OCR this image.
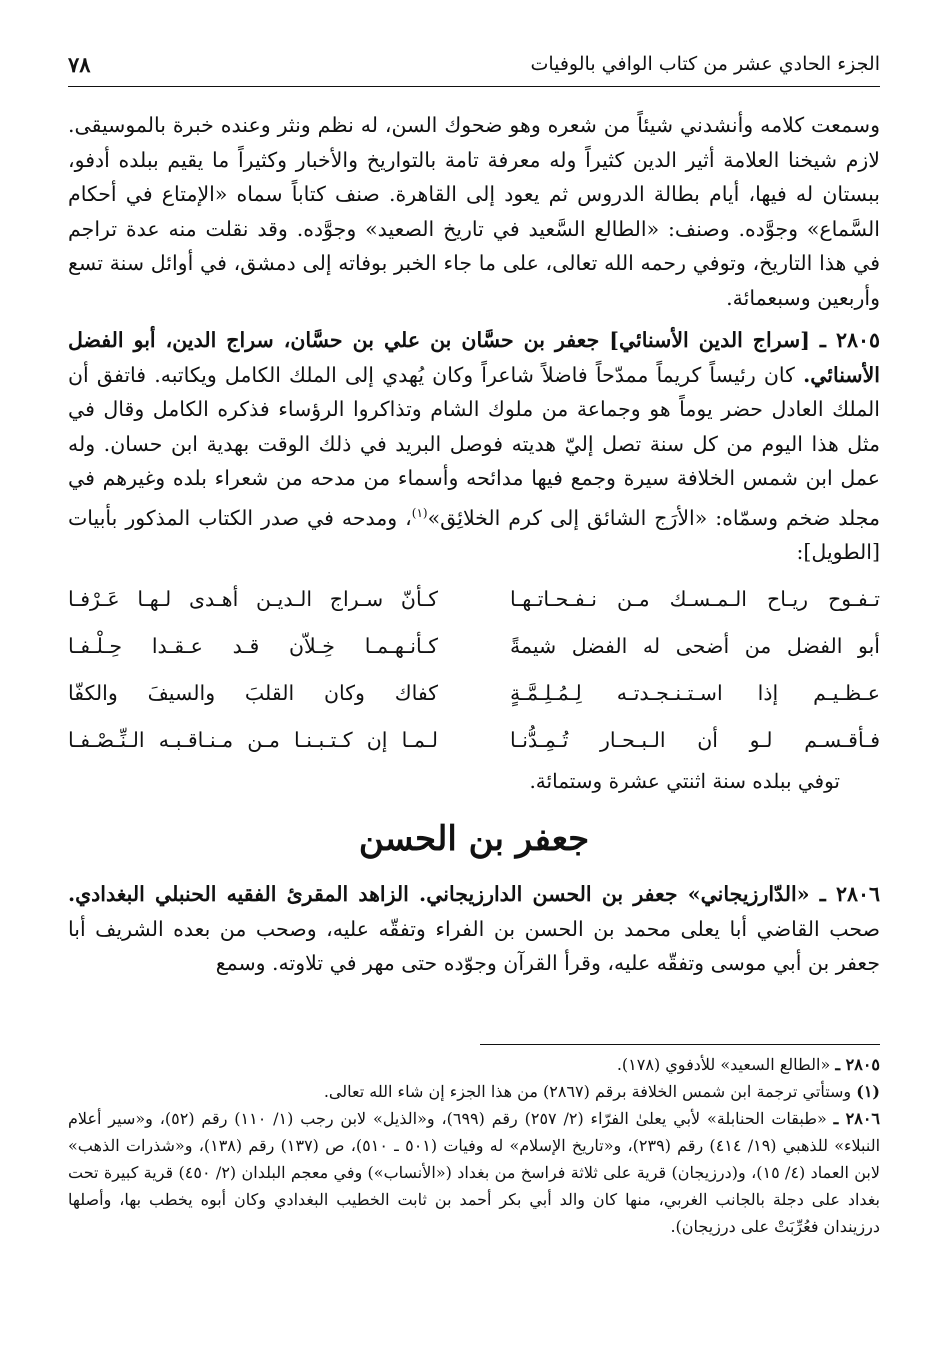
الجزء الحادي عشر من كتاب الوافي بالوفيات
٧٨

وسمعت كلامه وأنشدني شيئاً من شعره وهو ضحوك السن، له نظم ونثر وعنده خبرة بالموسيقى. لازم شيخنا العلامة أثير الدين كثيراً وله معرفة تامة بالتواريخ والأخبار وكثيراً ما يقيم ببلده أدفو، ببستان له فيها، أيام بطالة الدروس ثم يعود إلى القاهرة. صنف كتاباً سماه «الإمتاع في أحكام السَّماع» وجوَّده. وصنف: «الطالع السَّعيد في تاريخ الصعيد» وجوَّده. وقد نقلت منه عدة تراجم في هذا التاريخ، وتوفي رحمه الله تعالى، على ما جاء الخبر بوفاته إلى دمشق، في أوائل سنة تسع وأربعين وسبعمائة.

٢٨٠٥ ـ [سراج الدين الأسنائي] جعفر بن حسَّان بن علي بن حسَّان، سراج الدين، أبو الفضل الأسنائي. كان رئيساً كريماً ممدّحاً فاضلاً شاعراً وكان يُهدي إلى الملك الكامل ويكاتبه. فاتفق أن الملك العادل حضر يوماً هو وجماعة من ملوك الشام وتذاكروا الرؤساء فذكره الكامل وقال في مثل هذا اليوم من كل سنة تصل إليّ هديته فوصل البريد في ذلك الوقت بهدية ابن حسان. وله عمل ابن شمس الخلافة سيرة وجمع فيها مدائحه وأسماء من مدحه من شعراء بلده وغيرهم في مجلد ضخم وسمّاه: «الأرَج الشائق إلى كرم الخلائِق»$^{(١)}$، ومدحه في صدر الكتاب المذكور بأبيات [الطويل]:

تـفـوح ريـاح الـمـسـك مـن نـفـحـاتـهـا
كـأنّ سـراج الـديـن أهـدى لـهـا عَـرْفـا
أبو الفضل من أضحى له الفضل شيمةً
كـأنـهـمـا خِـلاّن قـد عـقـدا حِـلْـفـا
عـظـيـم إذا اسـتـنـجـدتـه لِـمُـلِـمَّـةٍ
كفاك وكان القلبَ والسيفَ والكفّا
فـأقـسـم لـو أن الـبـحـار تُـمِـدُّنـا
لـمـا إن كـتـبـنـا مـن مـنـاقـبـه الـنِّـصْـفـا
توفي ببلده سنة اثنتي عشرة وستمائة.
جعفر بن الحسن

٢٨٠٦ ـ «الدّارزيجاني» جعفر بن الحسن الدارزيجاني. الزاهد المقرئ الفقيه الحنبلي البغدادي. صحب القاضي أبا يعلى محمد بن الحسن بن الفراء وتفقّه عليه، وصحب من بعده الشريف أبا جعفر بن أبي موسى وتفقّه عليه، وقرأ القرآن وجوّده حتى مهر في تلاوته. وسمع

٢٨٠٥ ـ «الطالع السعيد» للأدفوي (١٧٨).

(١) وستأتي ترجمة ابن شمس الخلافة برقم (٢٨٦٧) من هذا الجزء إن شاء الله تعالى.

٢٨٠٦ ـ «طبقات الحنابلة» لأبي يعلىٰ الفرّاء (٢/ ٢٥٧) رقم (٦٩٩)، و«الذيل» لابن رجب (١/ ١١٠) رقم (٥٢)، و«سير أعلام النبلاء» للذهبي (١٩/ ٤١٤) رقم (٢٣٩)، و«تاريخ الإسلام» له وفيات (٥٠١ ـ ٥١٠)، ص (١٣٧) رقم (١٣٨)، و«شذرات الذهب» لابن العماد (٤/ ١٥)، و(درزيجان) قرية على ثلاثة فراسخ من بغداد («الأنساب») وفي معجم البلدان (٢/ ٤٥٠) قرية كبيرة تحت بغداد على دجلة بالجانب الغربي، منها كان والد أبي بكر أحمد بن ثابت الخطيب البغدادي وكان أبوه يخطب بها، وأصلها درزيندان فعُرِّبَتْ على درزيجان).
